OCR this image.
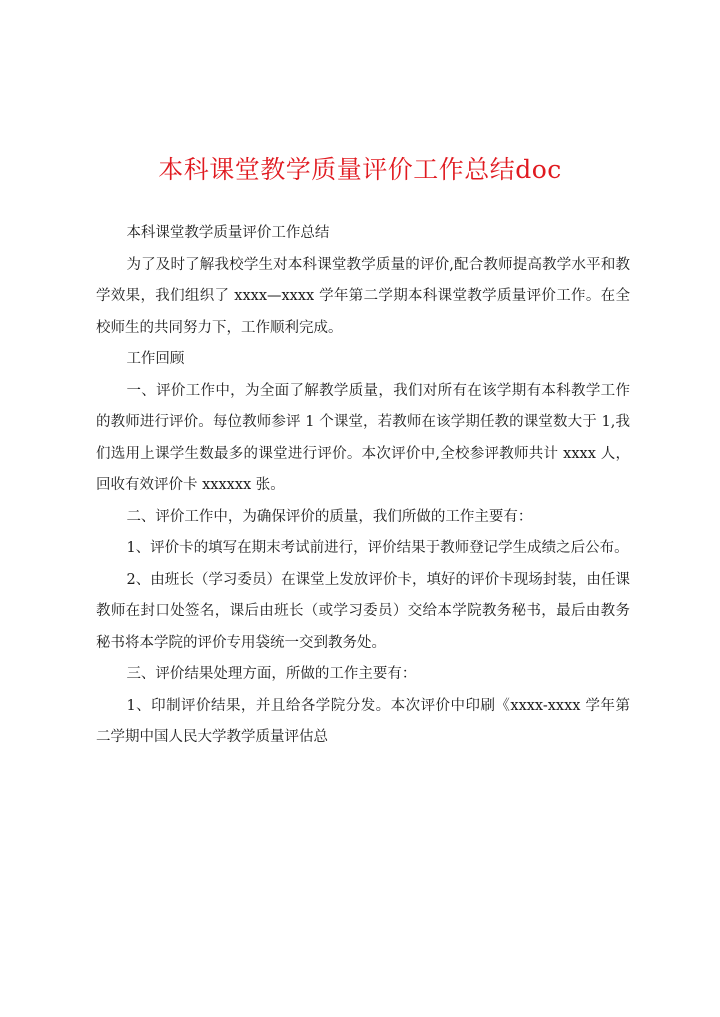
本科课堂教学质量评价工作总结doc

本科课堂教学质量评价工作总结

为了及时了解我校学生对本科课堂教学质量的评价,配合教师提高教学水平和教学效果，我们组织了 xxxx—xxxx 学年第二学期本科课堂教学质量评价工作。在全校师生的共同努力下，工作顺利完成。

工作回顾

一、评价工作中，为全面了解教学质量，我们对所有在该学期有本科教学工作的教师进行评价。每位教师参评 1 个课堂，若教师在该学期任教的课堂数大于 1,我们选用上课学生数最多的课堂进行评价。本次评价中,全校参评教师共计 xxxx 人，回收有效评价卡 xxxxxx 张。

二、评价工作中，为确保评价的质量，我们所做的工作主要有：

1、评价卡的填写在期末考试前进行，评价结果于教师登记学生成绩之后公布。

2、由班长（学习委员）在课堂上发放评价卡，填好的评价卡现场封装，由任课教师在封口处签名，课后由班长（或学习委员）交给本学院教务秘书，最后由教务秘书将本学院的评价专用袋统一交到教务处。

三、评价结果处理方面，所做的工作主要有：

1、印制评价结果，并且给各学院分发。本次评价中印刷《xxxx-xxxx 学年第二学期中国人民大学教学质量评估总
